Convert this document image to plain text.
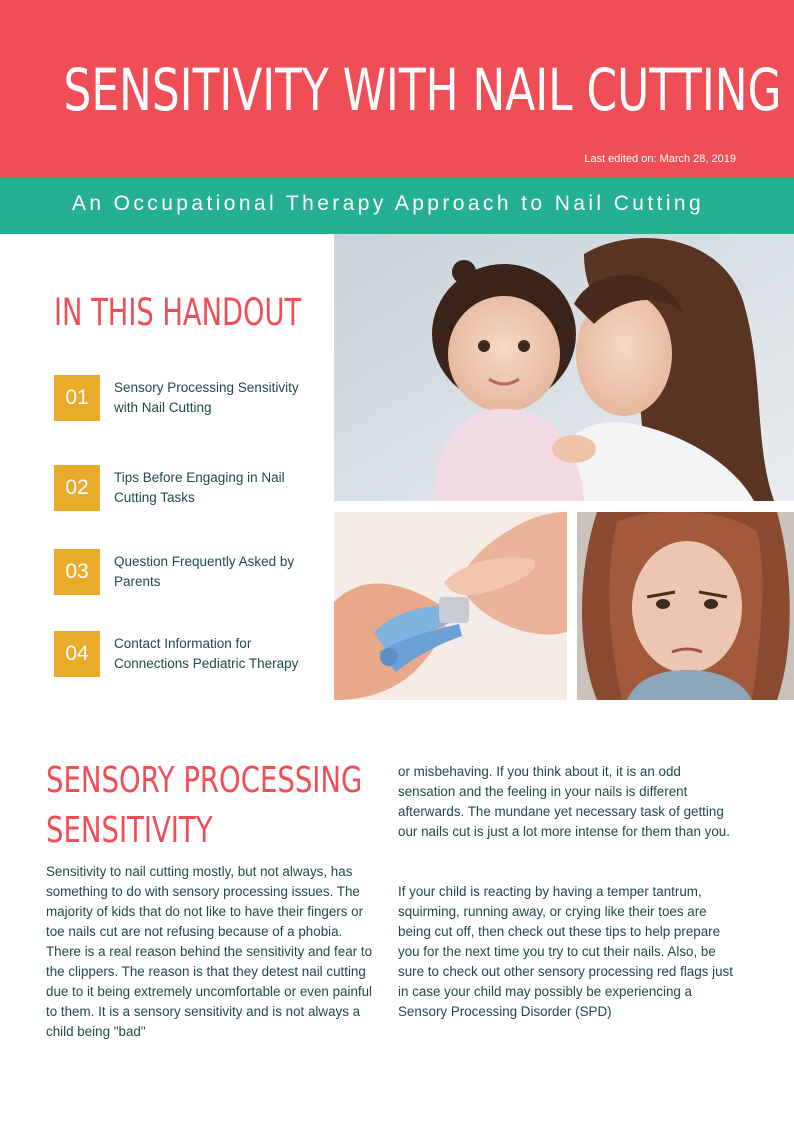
SENSITIVITY WITH NAIL CUTTING
Last edited on: March 28, 2019
An Occupational Therapy Approach to Nail Cutting
IN THIS HANDOUT
01	Sensory Processing Sensitivity with Nail Cutting
02	Tips Before Engaging in Nail Cutting Tasks
03	Question Frequently Asked by Parents
04	Contact Information for Connections Pediatric Therapy
SENSORY PROCESSING
SENSITIVITY
Sensitivity to nail cutting mostly, but not always, has something to do with sensory processing issues. The majority of kids that do not like to have their fingers or toe nails cut are not refusing because of a phobia. There is a real reason behind the sensitivity and fear to the clippers. The reason is that they detest nail cutting due to it being extremely uncomfortable or even painful to them. It is a sensory sensitivity and is not always a child being "bad"
or misbehaving. If you think about it, it is an odd sensation and the feeling in your nails is different afterwards. The mundane yet necessary task of getting our nails cut is just a lot more intense for them than you.
If your child is reacting by having a temper tantrum, squirming, running away, or crying like their toes are being cut off, then check out these tips to help prepare you for the next time you try to cut their nails. Also, be sure to check out other sensory processing red flags just in case your child may possibly be experiencing a Sensory Processing Disorder (SPD)
